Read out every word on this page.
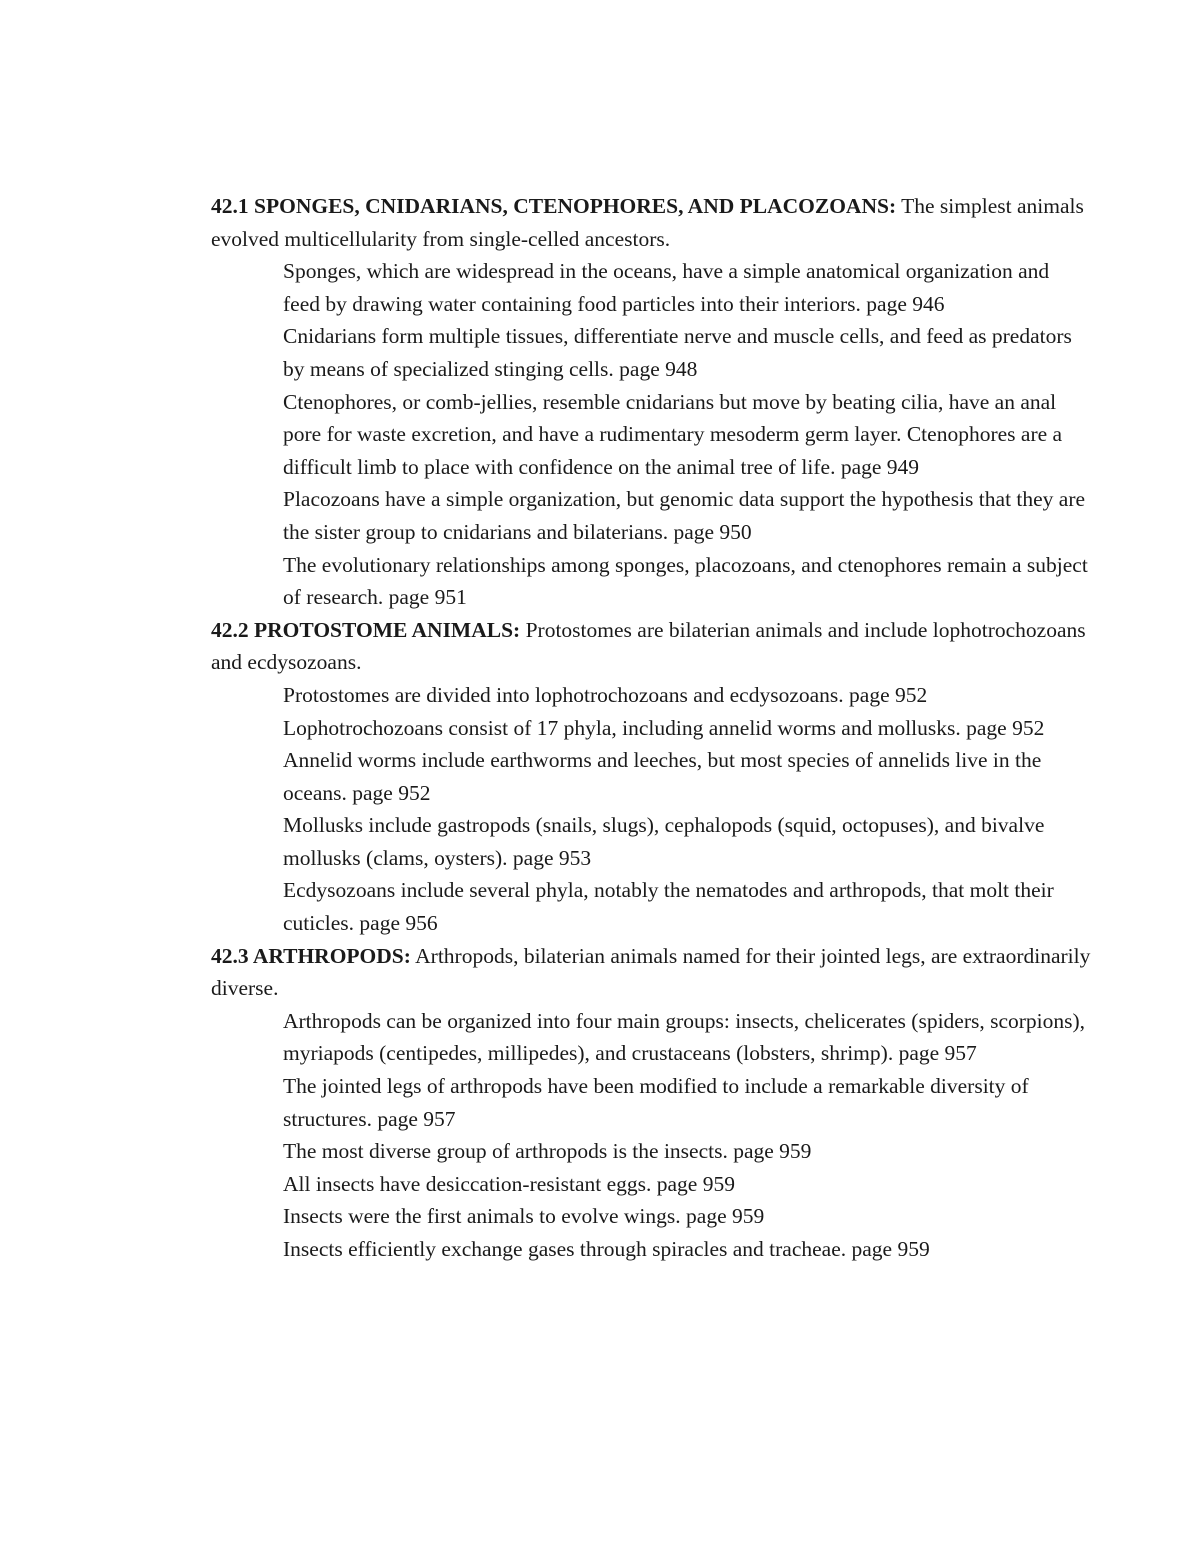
42.1 SPONGES, CNIDARIANS, CTENOPHORES, AND PLACOZOANS: The simplest animals evolved multicellularity from single-celled ancestors.

Sponges, which are widespread in the oceans, have a simple anatomical organization and feed by drawing water containing food particles into their interiors. page 946
Cnidarians form multiple tissues, differentiate nerve and muscle cells, and feed as predators by means of specialized stinging cells. page 948
Ctenophores, or comb-jellies, resemble cnidarians but move by beating cilia, have an anal pore for waste excretion, and have a rudimentary mesoderm germ layer. Ctenophores are a difficult limb to place with confidence on the animal tree of life. page 949
Placozoans have a simple organization, but genomic data support the hypothesis that they are the sister group to cnidarians and bilaterians. page 950
The evolutionary relationships among sponges, placozoans, and ctenophores remain a subject of research. page 951

42.2 PROTOSTOME ANIMALS: Protostomes are bilaterian animals and include lophotrochozoans and ecdysozoans.

Protostomes are divided into lophotrochozoans and ecdysozoans. page 952
Lophotrochozoans consist of 17 phyla, including annelid worms and mollusks. page 952
Annelid worms include earthworms and leeches, but most species of annelids live in the oceans. page 952
Mollusks include gastropods (snails, slugs), cephalopods (squid, octopuses), and bivalve mollusks (clams, oysters). page 953
Ecdysozoans include several phyla, notably the nematodes and arthropods, that molt their cuticles. page 956

42.3 ARTHROPODS: Arthropods, bilaterian animals named for their jointed legs, are extraordinarily diverse.

Arthropods can be organized into four main groups: insects, chelicerates (spiders, scorpions), myriapods (centipedes, millipedes), and crustaceans (lobsters, shrimp). page 957
The jointed legs of arthropods have been modified to include a remarkable diversity of structures. page 957
The most diverse group of arthropods is the insects. page 959
All insects have desiccation-resistant eggs. page 959
Insects were the first animals to evolve wings. page 959
Insects efficiently exchange gases through spiracles and tracheae. page 959
